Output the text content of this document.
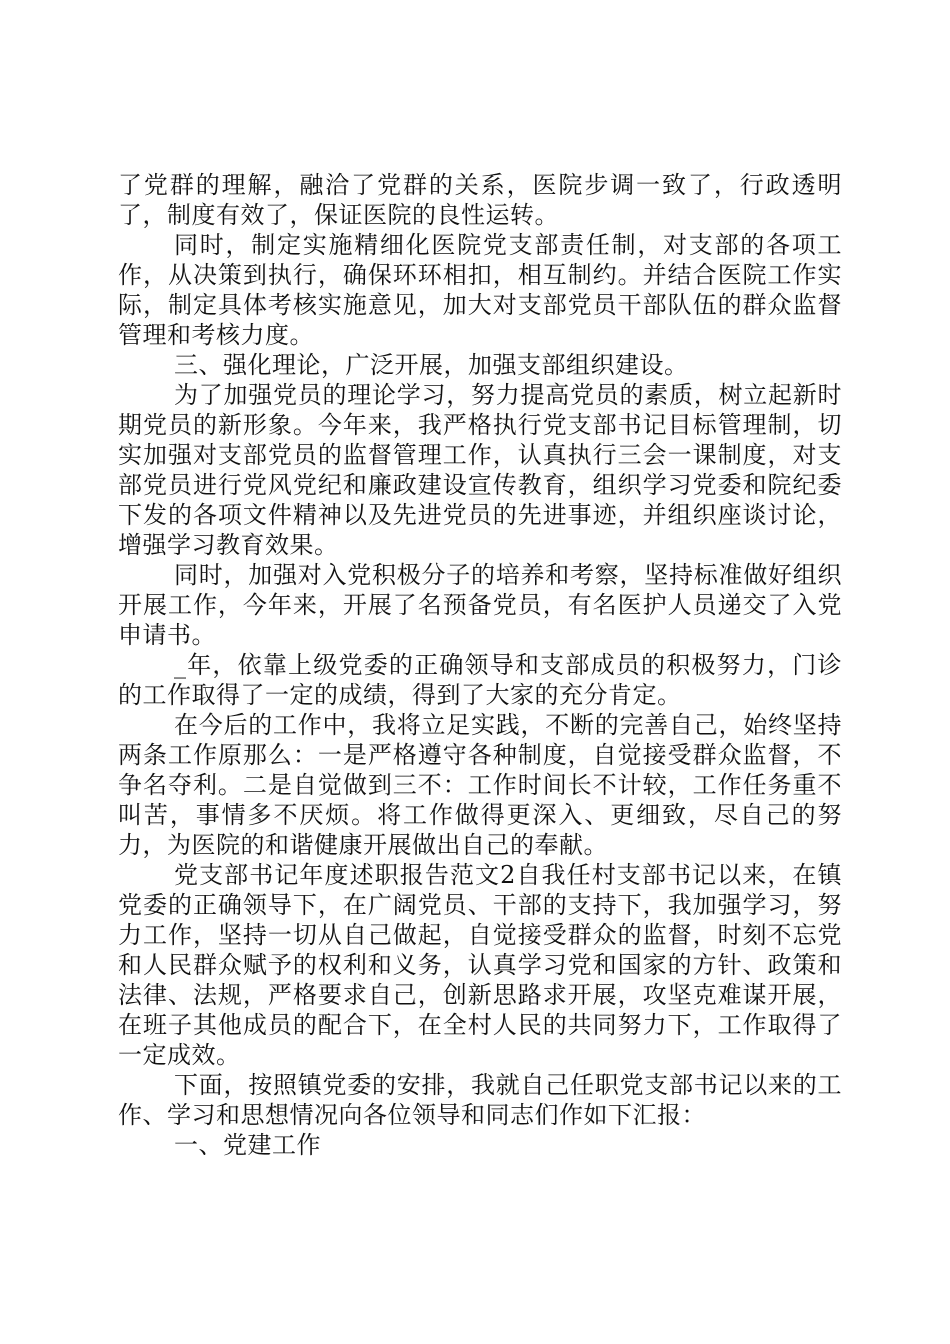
了党群的理解，融洽了党群的关系，医院步调一致了，行政透明了，制度有效了，保证医院的良性运转。

同时，制定实施精细化医院党支部责任制，对支部的各项工作，从决策到执行，确保环环相扣，相互制约。并结合医院工作实际，制定具体考核实施意见，加大对支部党员干部队伍的群众监督管理和考核力度。

三、强化理论，广泛开展，加强支部组织建设。

为了加强党员的理论学习，努力提高党员的素质，树立起新时期党员的新形象。今年来，我严格执行党支部书记目标管理制，切实加强对支部党员的监督管理工作，认真执行三会一课制度，对支部党员进行党风党纪和廉政建设宣传教育，组织学习党委和院纪委下发的各项文件精神以及先进党员的先进事迹，并组织座谈讨论，增强学习教育效果。

同时，加强对入党积极分子的培养和考察，坚持标准做好组织开展工作，今年来，开展了名预备党员，有名医护人员递交了入党申请书。

_年，依靠上级党委的正确领导和支部成员的积极努力，门诊的工作取得了一定的成绩，得到了大家的充分肯定。

在今后的工作中，我将立足实践，不断的完善自己，始终坚持两条工作原那么：一是严格遵守各种制度，自觉接受群众监督，不争名夺利。二是自觉做到三不：工作时间长不计较，工作任务重不叫苦，事情多不厌烦。将工作做得更深入、更细致，尽自己的努力，为医院的和谐健康开展做出自己的奉献。

党支部书记年度述职报告范文2自我任村支部书记以来，在镇党委的正确领导下，在广阔党员、干部的支持下，我加强学习，努力工作，坚持一切从自己做起，自觉接受群众的监督，时刻不忘党和人民群众赋予的权利和义务，认真学习党和国家的方针、政策和法律、法规，严格要求自己，创新思路求开展，攻坚克难谋开展，在班子其他成员的配合下，在全村人民的共同努力下，工作取得了一定成效。

下面，按照镇党委的安排，我就自己任职党支部书记以来的工作、学习和思想情况向各位领导和同志们作如下汇报：

一、党建工作
